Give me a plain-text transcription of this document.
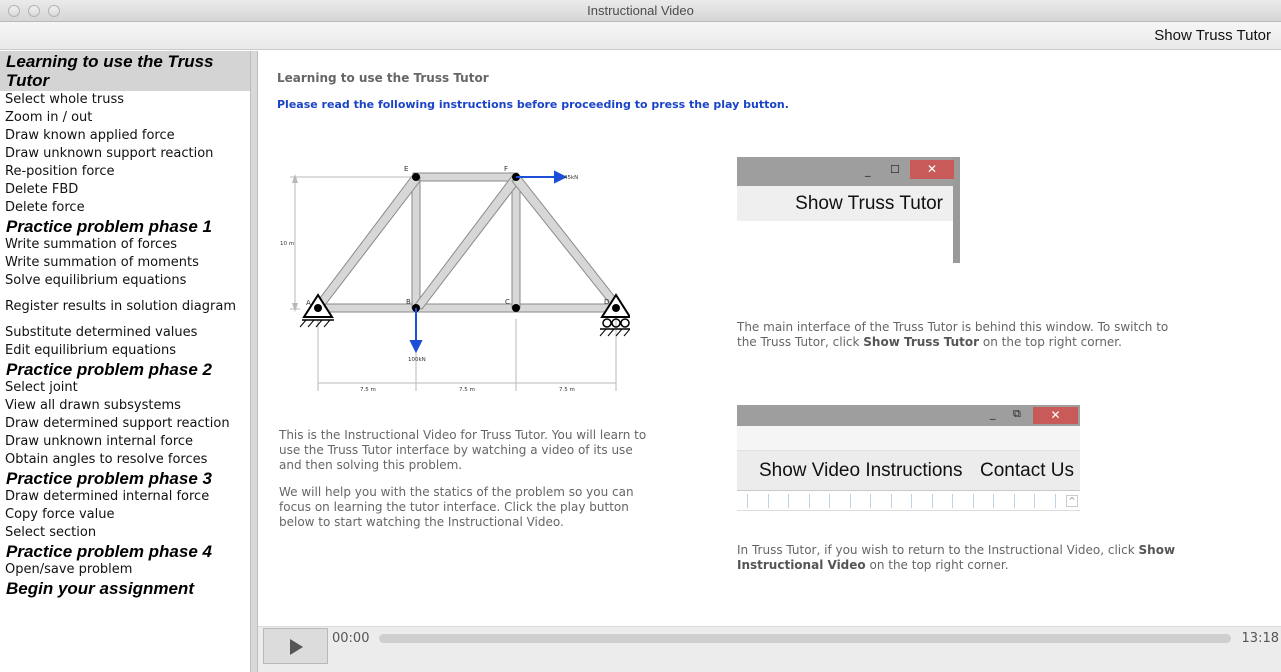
Instructional Video
Show Truss Tutor
Learning to use the Truss Tutor
Select whole truss
Zoom in / out
Draw known applied force
Draw unknown support reaction
Re-position force
Delete FBD
Delete force
Practice problem phase 1
Write summation of forces
Write summation of moments
Solve equilibrium equations
Register results in solution diagram
Substitute determined values
Edit equilibrium equations
Practice problem phase 2
Select joint
View all drawn subsystems
Draw determined support reaction
Draw unknown internal force
Obtain angles to resolve forces
Practice problem phase 3
Draw determined internal force
Copy force value
Select section
Practice problem phase 4
Open/save problem
Begin your assignment
Learning to use the Truss Tutor
Please read the following instructions before proceeding to press the play button.
A	B	C	D
E	F
10 m
100kN
45kN
7.5 m	7.5 m	7.5 m
This is the Instructional Video for Truss Tutor. You will learn to use the Truss Tutor interface by watching a video of its use and then solving this problem.
We will help you with the statics of the problem so you can focus on learning the tutor interface. Click the play button below to start watching the Instructional Video.
_ ☐	✕
Show Truss Tutor
The main interface of the Truss Tutor is behind this window. To switch to the Truss Tutor, click Show Truss Tutor on the top right corner.
_ ⧉	✕
Show Video Instructions Contact Us
^
In Truss Tutor, if you wish to return to the Instructional Video, click Show Instructional Video on the top right corner.
00:00	13:18
